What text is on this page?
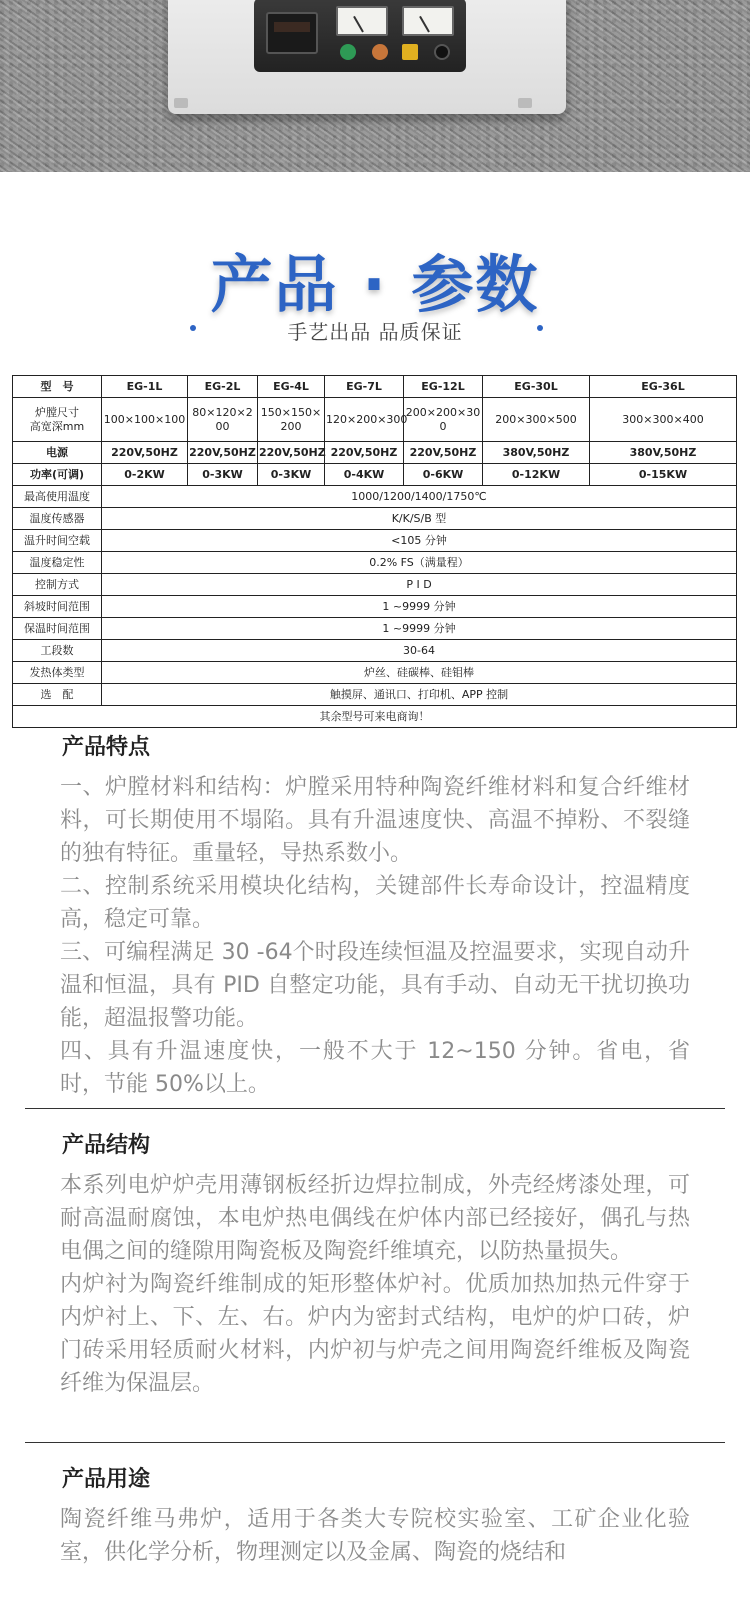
产品 · 参数
手艺出品 品质保证
型　号	EG-1L	EG-2L	EG-4L	EG-7L	EG-12L	EG-30L	EG-36L
炉膛尺寸
高宽深mm	100×100×100	80×120×200	150×150×200	120×200×300	200×200×300	200×300×500	300×300×400
电源	220V,50HZ	220V,50HZ	220V,50HZ	220V,50HZ	220V,50HZ	380V,50HZ	380V,50HZ
功率(可调)	0-2KW	0-3KW	0-3KW	0-4KW	0-6KW	0-12KW	0-15KW
最高使用温度	1000/1200/1400/1750℃						
温度传感器	K/K/S/B 型						
温升时间空载	<105 分钟						
温度稳定性	0.2% FS（满量程）						
控制方式	P I D						
斜坡时间范围	1 ~9999 分钟						
保温时间范围	1 ~9999 分钟						
工段数	30-64						
发热体类型	炉丝、硅碳棒、硅钼棒						
选　配	触摸屏、通讯口、打印机、APP 控制						
其余型号可来电商询！							
产品特点

一、炉膛材料和结构：炉膛采用特种陶瓷纤维材料和复合纤维材料，可长期使用不塌陷。具有升温速度快、高温不掉粉、不裂缝的独有特征。重量轻，导热系数小。

二、控制系统采用模块化结构，关键部件长寿命设计，控温精度高，稳定可靠。

三、可编程满足 30 -64个时段连续恒温及控温要求，实现自动升温和恒温，具有 PID 自整定功能，具有手动、自动无干扰切换功能，超温报警功能。

四、具有升温速度快，一般不大于 12~150 分钟。省电，省时，节能 50%以上。

产品结构

本系列电炉炉壳用薄钢板经折边焊拉制成，外壳经烤漆处理，可耐高温耐腐蚀，本电炉热电偶线在炉体内部已经接好，偶孔与热电偶之间的缝隙用陶瓷板及陶瓷纤维填充，以防热量损失。

内炉衬为陶瓷纤维制成的矩形整体炉衬。优质加热加热元件穿于内炉衬上、下、左、右。炉内为密封式结构，电炉的炉口砖，炉门砖采用轻质耐火材料，内炉初与炉壳之间用陶瓷纤维板及陶瓷纤维为保温层。

产品用途

陶瓷纤维马弗炉，适用于各类大专院校实验室、工矿企业化验室，供化学分析，物理测定以及金属、陶瓷的烧结和
